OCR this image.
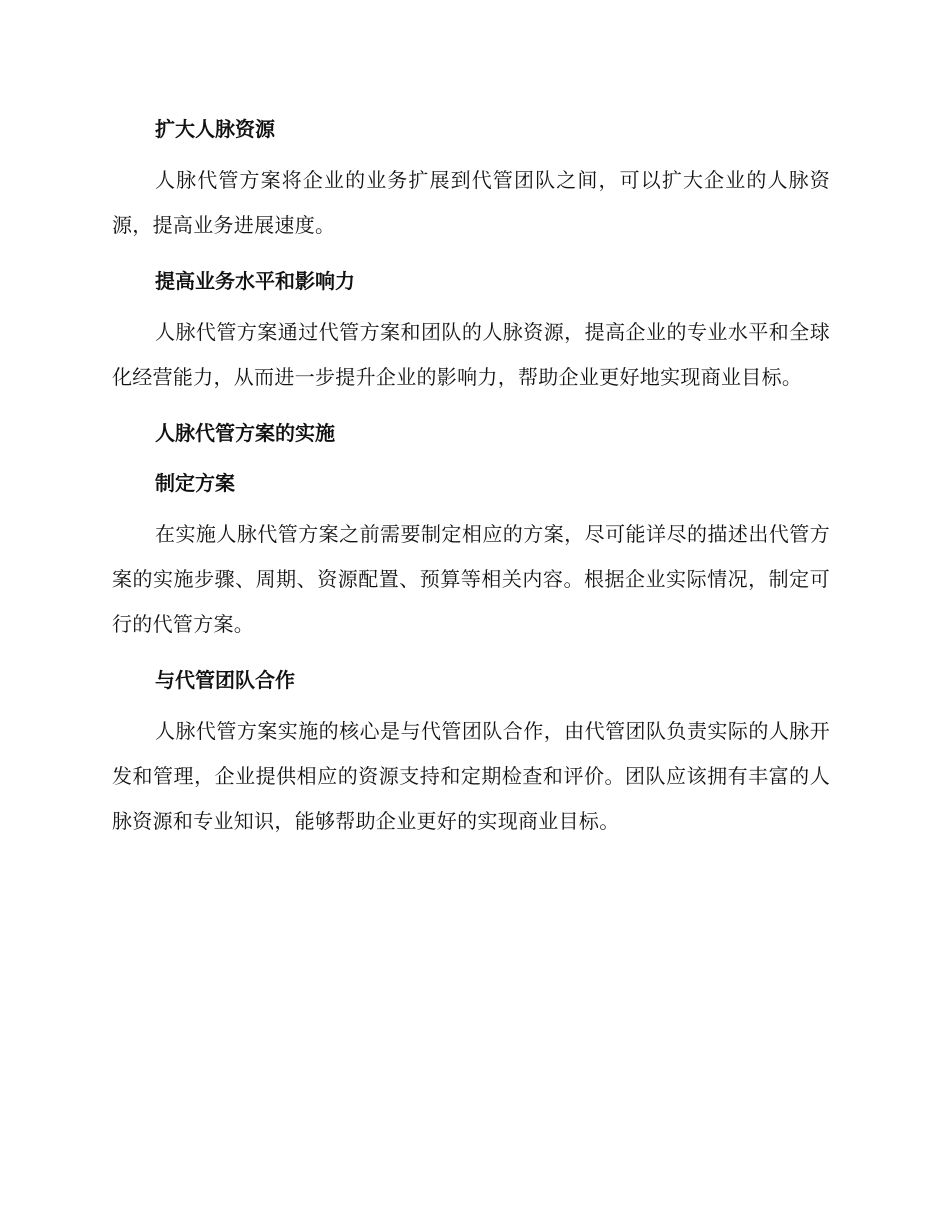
扩大人脉资源

人脉代管方案将企业的业务扩展到代管团队之间，可以扩大企业的人脉资源，提高业务进展速度。

提高业务水平和影响力

人脉代管方案通过代管方案和团队的人脉资源，提高企业的专业水平和全球化经营能力，从而进一步提升企业的影响力，帮助企业更好地实现商业目标。

人脉代管方案的实施
制定方案

在实施人脉代管方案之前需要制定相应的方案，尽可能详尽的描述出代管方案的实施步骤、周期、资源配置、预算等相关内容。根据企业实际情况，制定可行的代管方案。

与代管团队合作

人脉代管方案实施的核心是与代管团队合作，由代管团队负责实际的人脉开发和管理，企业提供相应的资源支持和定期检查和评价。团队应该拥有丰富的人脉资源和专业知识，能够帮助企业更好的实现商业目标。
